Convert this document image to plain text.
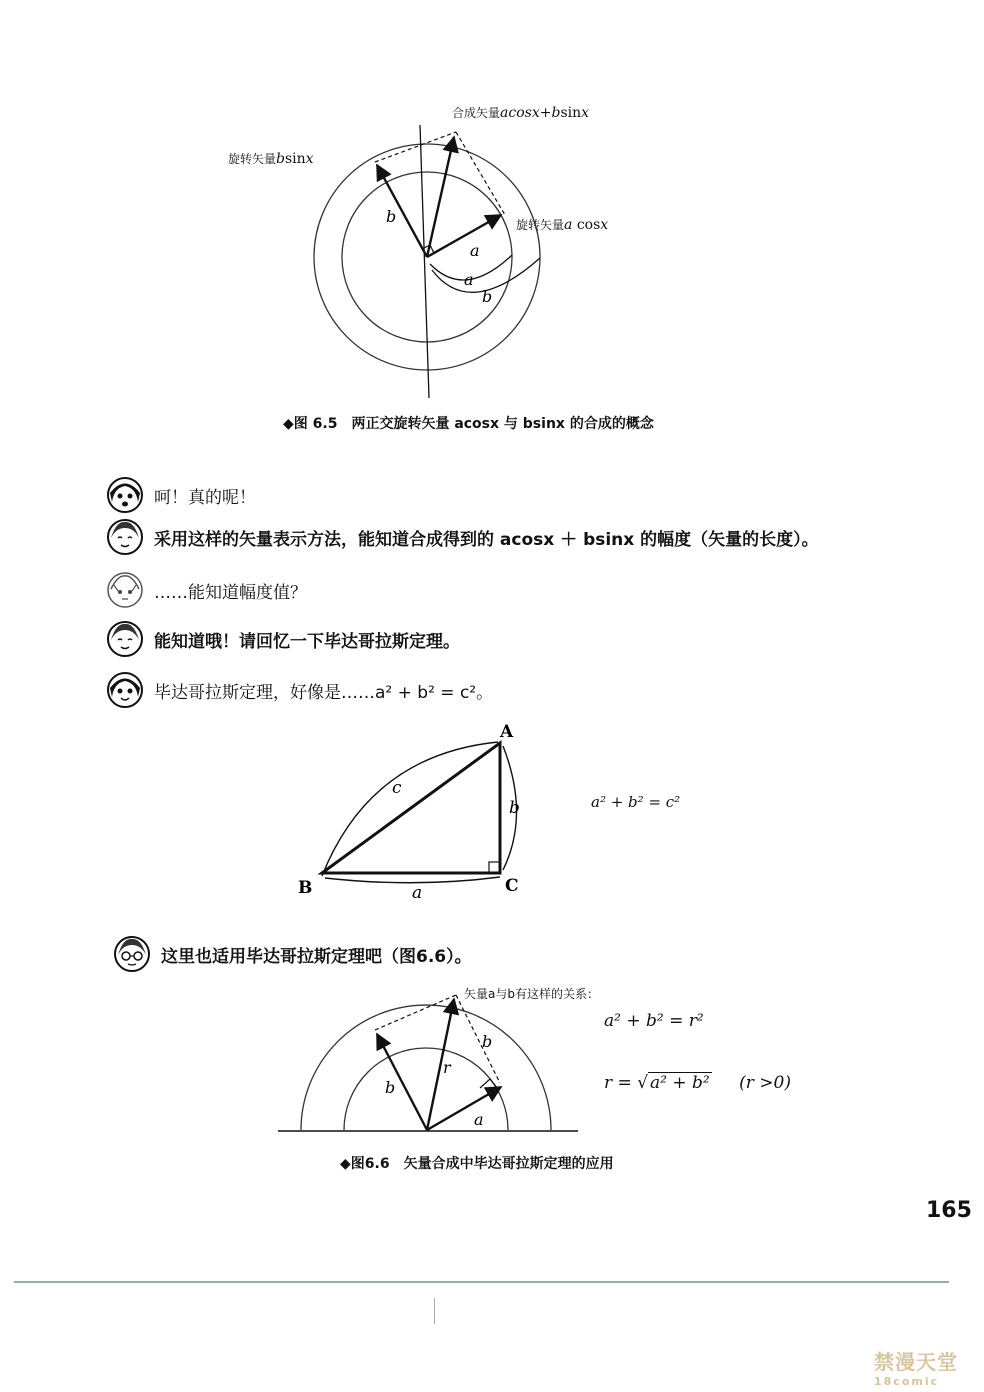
合成矢量acosx+bsinx
旋转矢量bsinx
旋转矢量a cosx
b
a
a
b
◆图 6.5　两正交旋转矢量 acosx 与 bsinx 的合成的概念
呵！真的呢！
采用这样的矢量表示方法，能知道合成得到的 acosx ＋ bsinx 的幅度（矢量的长度）。
……能知道幅度值？
能知道哦！请回忆一下毕达哥拉斯定理。
毕达哥拉斯定理，好像是……a² + b² = c²。
A
B	C
c
b
a
a² + b² = c²
r
b
b
a
矢量a与b有这样的关系：
a² + b² = r²
r = √ a² + b² (r >0)
◆图6.6　矢量合成中毕达哥拉斯定理的应用
这里也适用毕达哥拉斯定理吧（图6.6）。
165
禁漫天堂
18comic
